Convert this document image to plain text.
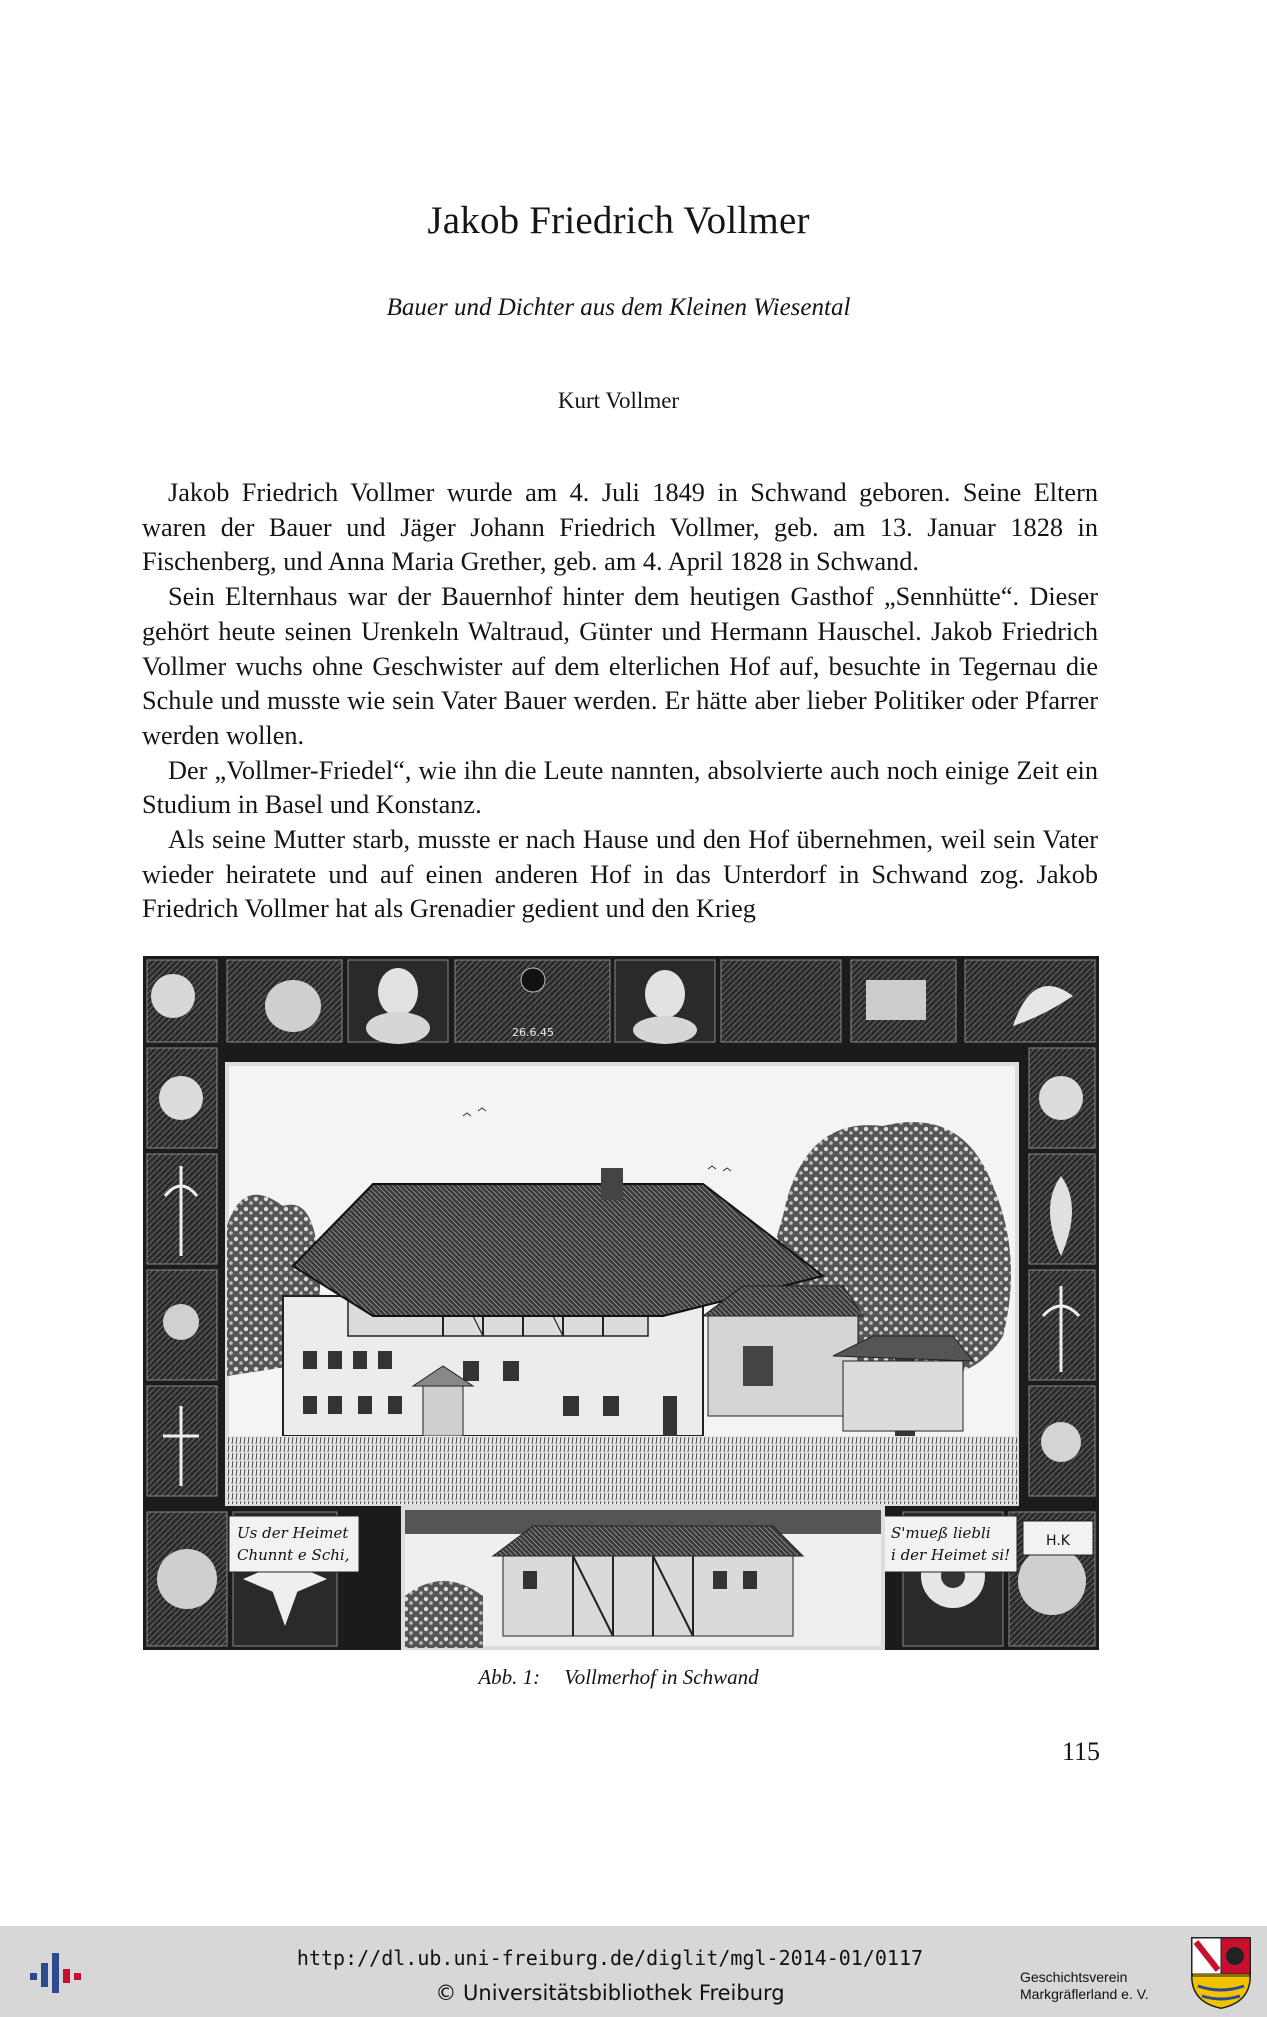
Jakob Friedrich Vollmer
Bauer und Dichter aus dem Kleinen Wiesental
Kurt Vollmer

Jakob Friedrich Vollmer wurde am 4. Juli 1849 in Schwand geboren. Seine Eltern waren der Bauer und Jäger Johann Friedrich Vollmer, geb. am 13. Januar 1828 in Fischenberg, und Anna Maria Grether, geb. am 4. April 1828 in Schwand.

Sein Elternhaus war der Bauernhof hinter dem heutigen Gasthof „Sennhütte“. Dieser gehört heute seinen Urenkeln Waltraud, Günter und Hermann Hauschel. Jakob Friedrich Vollmer wuchs ohne Geschwister auf dem elterlichen Hof auf, besuchte in Tegernau die Schule und musste wie sein Vater Bauer werden. Er hätte aber lieber Politiker oder Pfarrer werden wollen.

Der „Vollmer-Friedel“, wie ihn die Leute nannten, absolvierte auch noch einige Zeit ein Studium in Basel und Konstanz.

Als seine Mutter starb, musste er nach Hause und den Hof übernehmen, weil sein Vater wieder heiratete und auf einen anderen Hof in das Unterdorf in Schwand zog. Jakob Friedrich Vollmer hat als Grenadier gedient und den Krieg

26.6.45
Us der Heimet
Chunnt e Schi,
S'mueß liebli
i der Heimet si!
H.K
Abb. 1: Vollmerhof in Schwand
115
http://dl.ub.uni-freiburg.de/diglit/mgl-2014-01/0117
© Universitätsbibliothek Freiburg
Geschichtsverein
Markgräflerland e. V.
